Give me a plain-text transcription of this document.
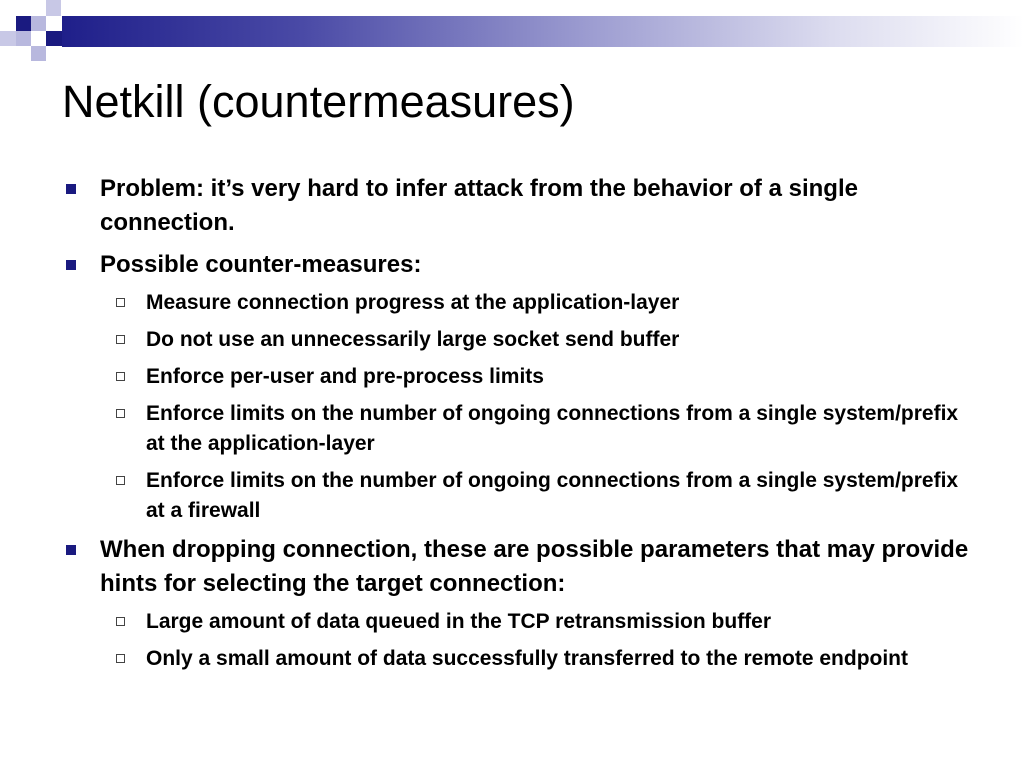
Netkill (countermeasures)
Problem: it’s very hard to infer attack from the behavior of a single connection.
Possible counter-measures:
Measure connection progress at the application-layer
Do not use an unnecessarily large socket send buffer
Enforce per-user and pre-process limits
Enforce limits on the number of ongoing connections from a single system/prefix at the application-layer
Enforce limits on the number of ongoing connections from a single system/prefix at a firewall
When dropping connection, these are possible parameters that may provide hints for selecting the target connection:
Large amount of data queued in the TCP retransmission buffer
Only a small amount of data successfully transferred to the remote endpoint
